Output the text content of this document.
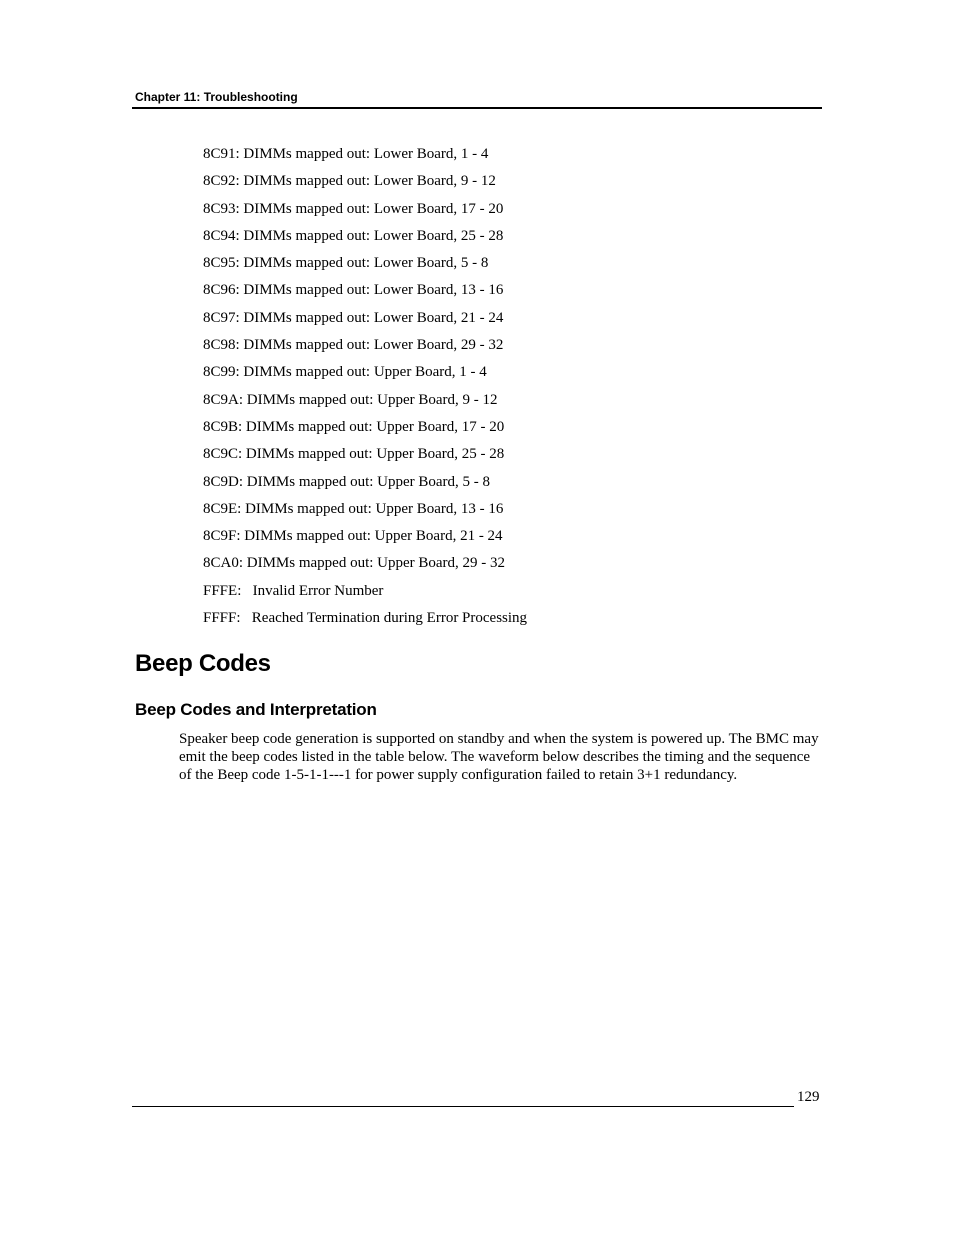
Chapter 11: Troubleshooting
8C91: DIMMs mapped out: Lower Board, 1 - 4
8C92: DIMMs mapped out: Lower Board, 9 - 12
8C93: DIMMs mapped out: Lower Board, 17 - 20
8C94: DIMMs mapped out: Lower Board, 25 - 28
8C95: DIMMs mapped out: Lower Board, 5 - 8
8C96: DIMMs mapped out: Lower Board, 13 - 16
8C97: DIMMs mapped out: Lower Board, 21 - 24
8C98: DIMMs mapped out: Lower Board, 29 - 32
8C99: DIMMs mapped out: Upper Board, 1 - 4
8C9A: DIMMs mapped out: Upper Board, 9 - 12
8C9B: DIMMs mapped out: Upper Board, 17 - 20
8C9C: DIMMs mapped out: Upper Board, 25 - 28
8C9D: DIMMs mapped out: Upper Board, 5 - 8
8C9E: DIMMs mapped out: Upper Board, 13 - 16
8C9F: DIMMs mapped out: Upper Board, 21 - 24
8CA0: DIMMs mapped out: Upper Board, 29 - 32
FFFE:   Invalid Error Number
FFFF:   Reached Termination during Error Processing
Beep Codes
Beep Codes and Interpretation

Speaker beep code generation is supported on standby and when the system is powered up. The BMC may emit the beep codes listed in the table below. The waveform below describes the timing and the sequence of the Beep code 1-5-1-1---1 for power supply configuration failed to retain 3+1 redundancy.

129
